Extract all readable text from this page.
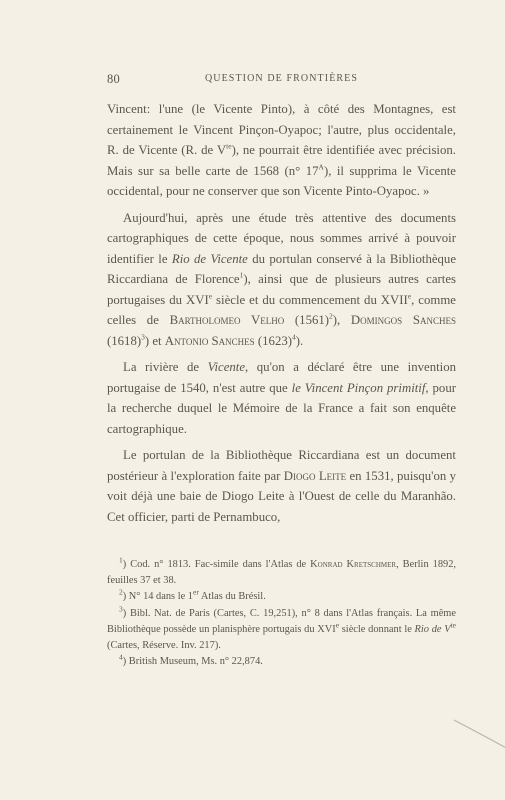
80	QUESTION DE FRONTIÈRES

Vincent: l'une (le Vicente Pinto), à côté des Montagnes, est certainement le Vincent Pinçon-Oyapoc; l'autre, plus occidentale, R. de Vicente (R. de $V^{te}$), ne pourrait être identifiée avec précision. Mais sur sa belle carte de 1568 (n° $17^A$), il supprima le Vicente occidental, pour ne conserver que son Vicente Pinto-Oyapoc. »

Aujourd'hui, après une étude très attentive des documents cartographiques de cette époque, nous sommes arrivé à pouvoir identifier le Rio de Vicente du portulan conservé à la Bibliothèque Riccardiana de Florence$^1$), ainsi que de plusieurs autres cartes portugaises du XVIe siècle et du commencement du XVIIe, comme celles de Bartholomeo Velho $(1561)^2$), Domingos Sanches $(1618)^3$) et Antonio Sanches $(1623)^4$).

La rivière de Vicente, qu'on a déclaré être une invention portugaise de 1540, n'est autre que le Vincent Pinçon primitif, pour la recherche duquel le Mémoire de la France a fait son enquête cartographique.

Le portulan de la Bibliothèque Riccardiana est un document postérieur à l'exploration faite par Diogo Leite en 1531, puisqu'on y voit déjà une baie de Diogo Leite à l'Ouest de celle du Maranhão. Cet officier, parti de Pernambuco,

$^1$) Cod. n° 1813. Fac-simile dans l'Atlas de Konrad Kretschmer, Berlin 1892, feuilles 37 et 38.

$^2$) N° 14 dans le 1er Atlas du Brésil.

$^3$) Bibl. Nat. de Paris (Cartes, C. 19,251), n° 8 dans l'Atlas français. La même Bibliothèque possède un planisphère portugais du XVIe siècle donnant le Rio de $V^{te}$ (Cartes, Réserve. Inv. 217).

$^4$) British Museum, Ms. n° 22,874.
